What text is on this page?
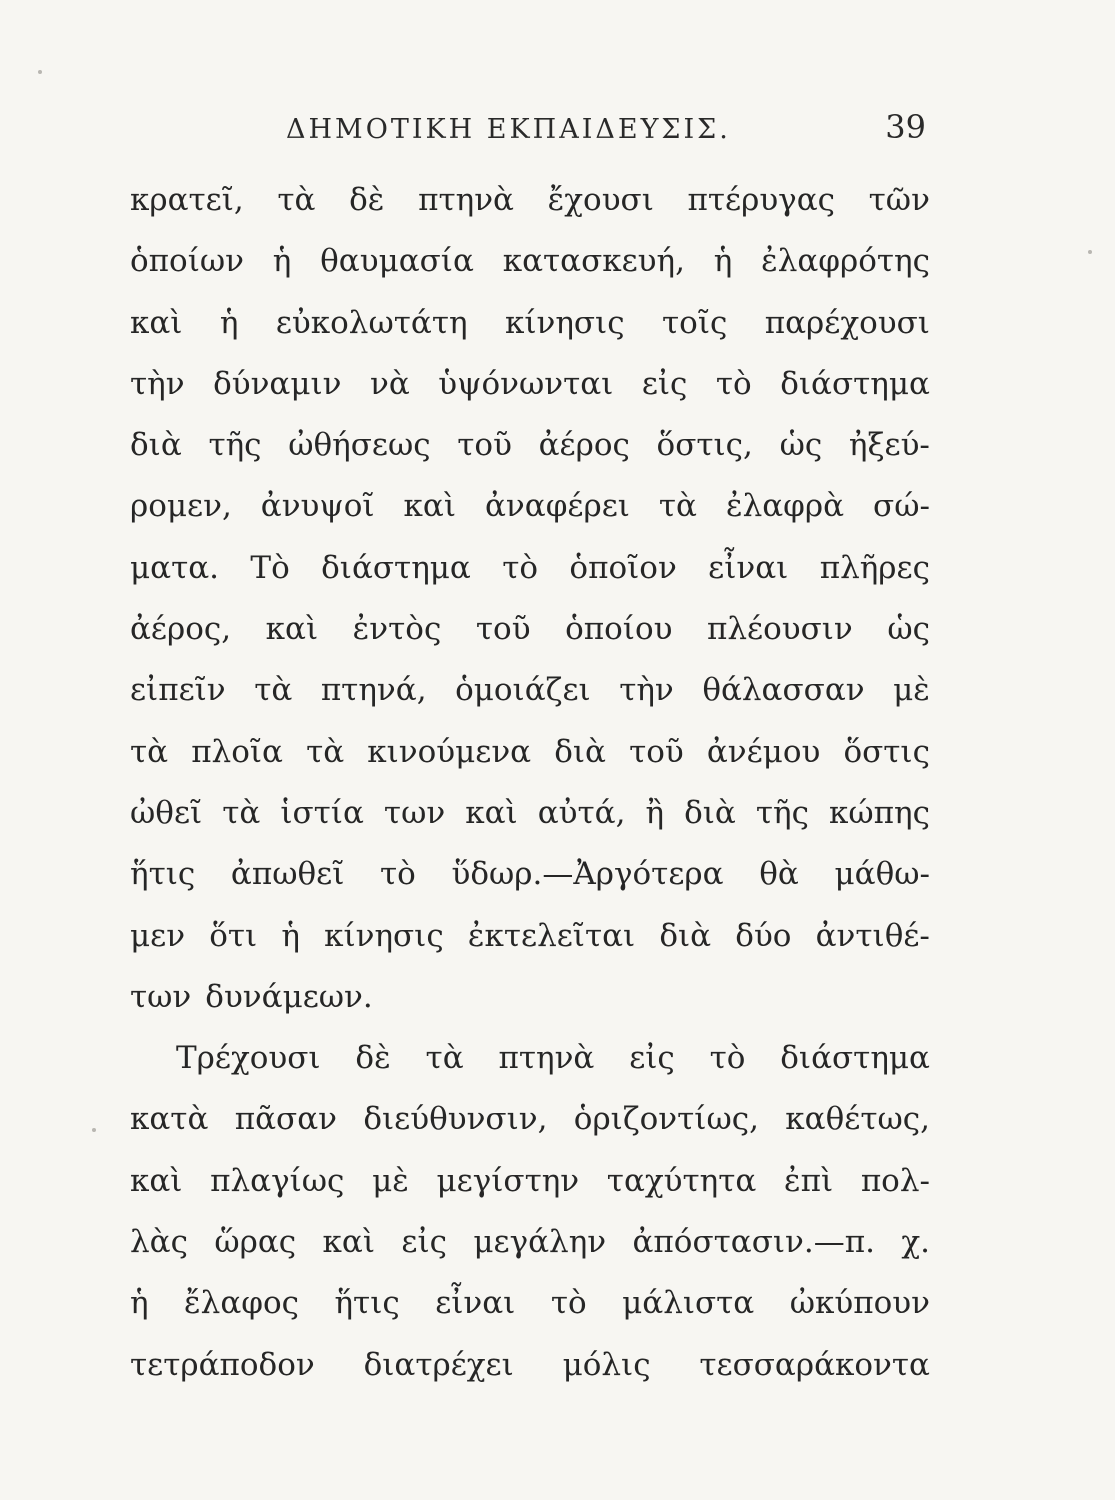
ΔΗΜΟΤΙΚΗ ΕΚΠΑΙΔΕΥΣΙΣ.	39
κρατεῖ, τὰ δὲ πτηνὰ ἔχουσι πτέρυγας τῶν
ὁποίων ἡ θαυμασία κατασκευή, ἡ ἐλαφρότης
καὶ ἡ εὐκολωτάτη κίνησις τοῖς παρέχουσι
τὴν δύναμιν νὰ ὑψόνωνται εἰς τὸ διάστημα
διὰ τῆς ὠθήσεως τοῦ ἀέρος ὅστις, ὡς ἠξεύ-
ρομεν, ἀνυψοῖ καὶ ἀναφέρει τὰ ἐλαφρὰ σώ-
ματα. Τὸ διάστημα τὸ ὁποῖον εἶναι πλῆρες
ἀέρος, καὶ ἐντὸς τοῦ ὁποίου πλέουσιν ὡς
εἰπεῖν τὰ πτηνά, ὁμοιάζει τὴν θάλασσαν μὲ
τὰ πλοῖα τὰ κινούμενα διὰ τοῦ ἀνέμου ὅστις
ὠθεῖ τὰ ἱστία των καὶ αὐτά, ἢ διὰ τῆς κώπης
ἥτις ἀπωθεῖ τὸ ὕδωρ.—Ἀργότερα θὰ μάθω-
μεν ὅτι ἡ κίνησις ἐκτελεῖται διὰ δύο ἀντιθέ-
των δυνάμεων.
Τρέχουσι δὲ τὰ πτηνὰ εἰς τὸ διάστημα
κατὰ πᾶσαν διεύθυνσιν, ὁριζοντίως, καθέτως,
καὶ πλαγίως μὲ μεγίστην ταχύτητα ἐπὶ πολ-
λὰς ὥρας καὶ εἰς μεγάλην ἀπόστασιν.—π. χ.
ἡ ἔλαφος ἥτις εἶναι τὸ μάλιστα ὠκύπουν
τετράποδον διατρέχει μόλις τεσσαράκοντα
